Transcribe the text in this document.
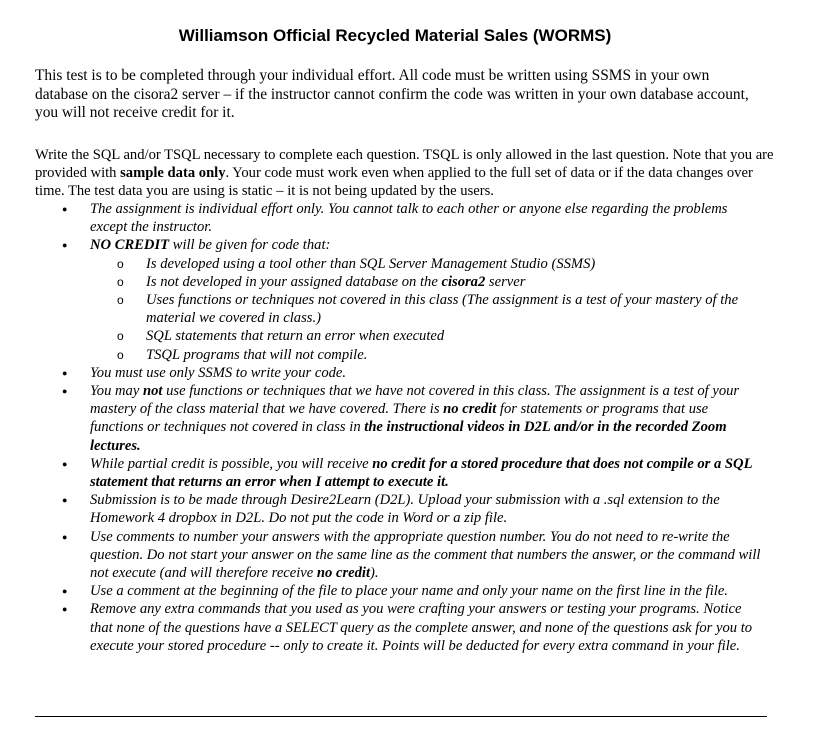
Williamson Official Recycled Material Sales (WORMS)

This test is to be completed through your individual effort. All code must be written using SSMS in your own database on the cisora2 server – if the instructor cannot confirm the code was written in your own database account, you will not receive credit for it.

Write the SQL and/or TSQL necessary to complete each question. TSQL is only allowed in the last question. Note that you are provided with sample data only. Your code must work even when applied to the full set of data or if the data changes over time. The test data you are using is static – it is not being updated by the users.

● The assignment is individual effort only. You cannot talk to each other or anyone else regarding the problems except the instructor.
● NO CREDIT will be given for code that:
o Is developed using a tool other than SQL Server Management Studio (SSMS)
o Is not developed in your assigned database on the cisora2 server
o Uses functions or techniques not covered in this class (The assignment is a test of your mastery of the material we covered in class.)
o SQL statements that return an error when executed
o TSQL programs that will not compile.
● You must use only SSMS to write your code.
● You may not use functions or techniques that we have not covered in this class. The assignment is a test of your mastery of the class material that we have covered. There is no credit for statements or programs that use functions or techniques not covered in class in the instructional videos in D2L and/or in the recorded Zoom lectures.
● While partial credit is possible, you will receive no credit for a stored procedure that does not compile or a SQL statement that returns an error when I attempt to execute it.
● Submission is to be made through Desire2Learn (D2L). Upload your submission with a .sql extension to the Homework 4 dropbox in D2L. Do not put the code in Word or a zip file.
● Use comments to number your answers with the appropriate question number. You do not need to re-write the question. Do not start your answer on the same line as the comment that numbers the answer, or the command will not execute (and will therefore receive no credit).
● Use a comment at the beginning of the file to place your name and only your name on the first line in the file.
● Remove any extra commands that you used as you were crafting your answers or testing your programs. Notice that none of the questions have a SELECT query as the complete answer, and none of the questions ask for you to execute your stored procedure -- only to create it. Points will be deducted for every extra command in your file.
